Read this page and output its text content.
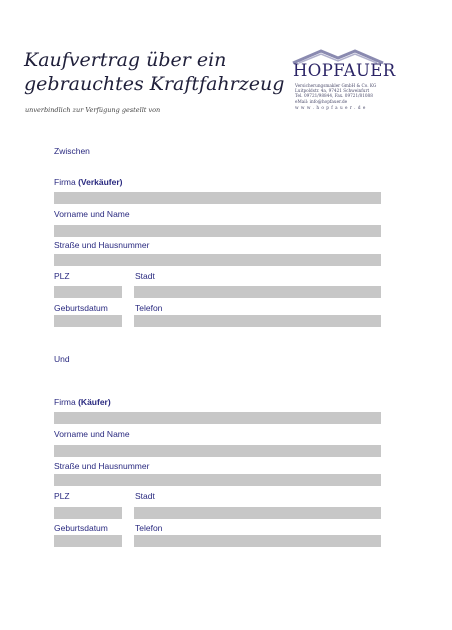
Kaufvertrag über ein
gebrauchtes Kraftfahrzeug
unverbindlich zur Verfügung gestellt von
HOPFAUER
Versicherungsmakler GmbH & Co. KG
Luitpoldstr. 4a, 97421 Schweinfurt
Tel. 09721/98844, Fax. 09721/81088
eMail: info@hopfauer.de
w w w . h o p f a u e r . d e
Zwischen
Firma (Verkäufer)
Vorname und Name
Straße und Hausnummer
PLZ	Stadt
Geburtsdatum	Telefon
Und
Firma (Käufer)
Vorname und Name
Straße und Hausnummer
PLZ	Stadt
Geburtsdatum	Telefon
